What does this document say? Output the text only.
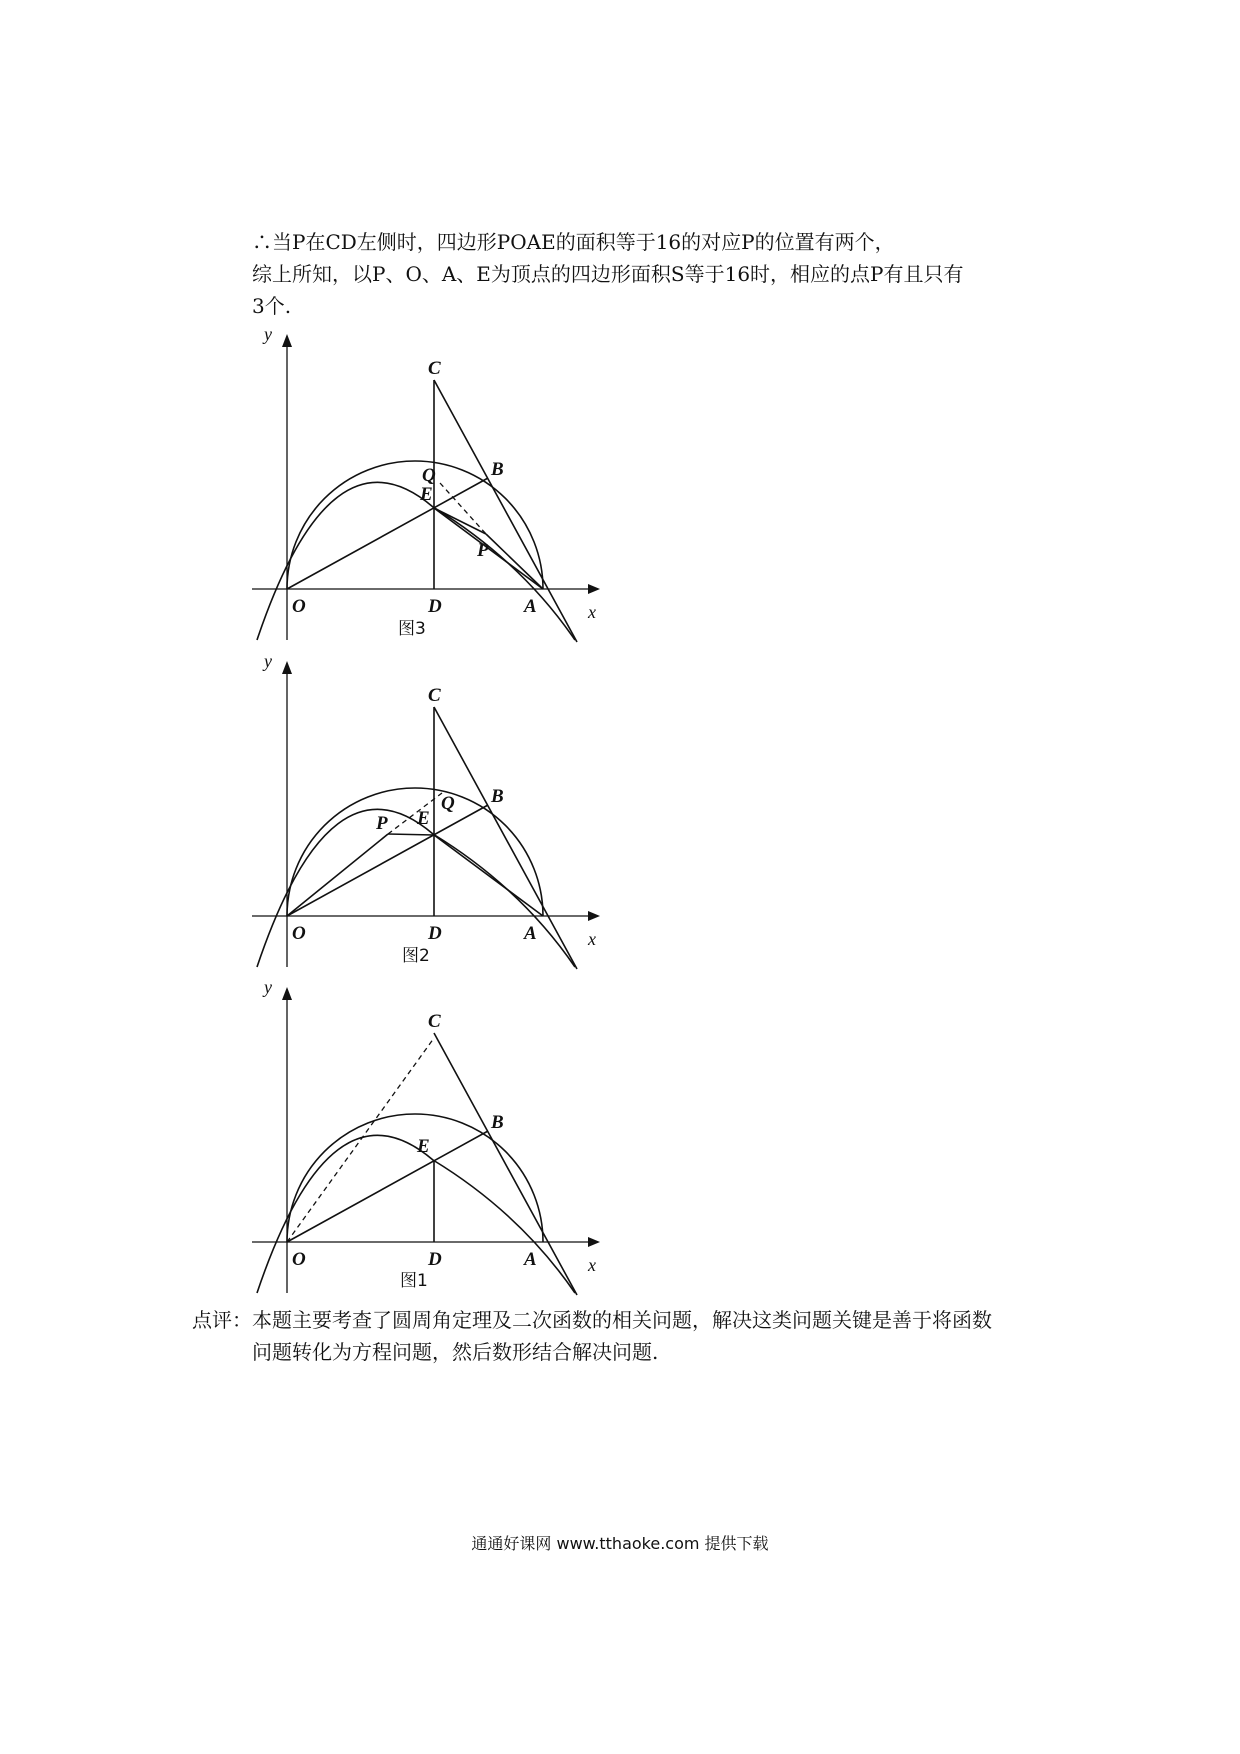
∴当P在CD左侧时，四边形POAE的面积等于16的对应P的位置有两个，

综上所知，以P、O、A、E为顶点的四边形面积S等于16时，相应的点P有且只有

3个.

y
x
O	D	A
C
B
E
Q
P
图3
y
x
O	D	A
C
B
E
Q
P
图2
y
x
O	D	A
C
B
E
图1

点评：本题主要考查了圆周角定理及二次函数的相关问题，解决这类问题关键是善于将函数

问题转化为方程问题，然后数形结合解决问题.

通通好课网 www.tthaoke.com 提供下载
